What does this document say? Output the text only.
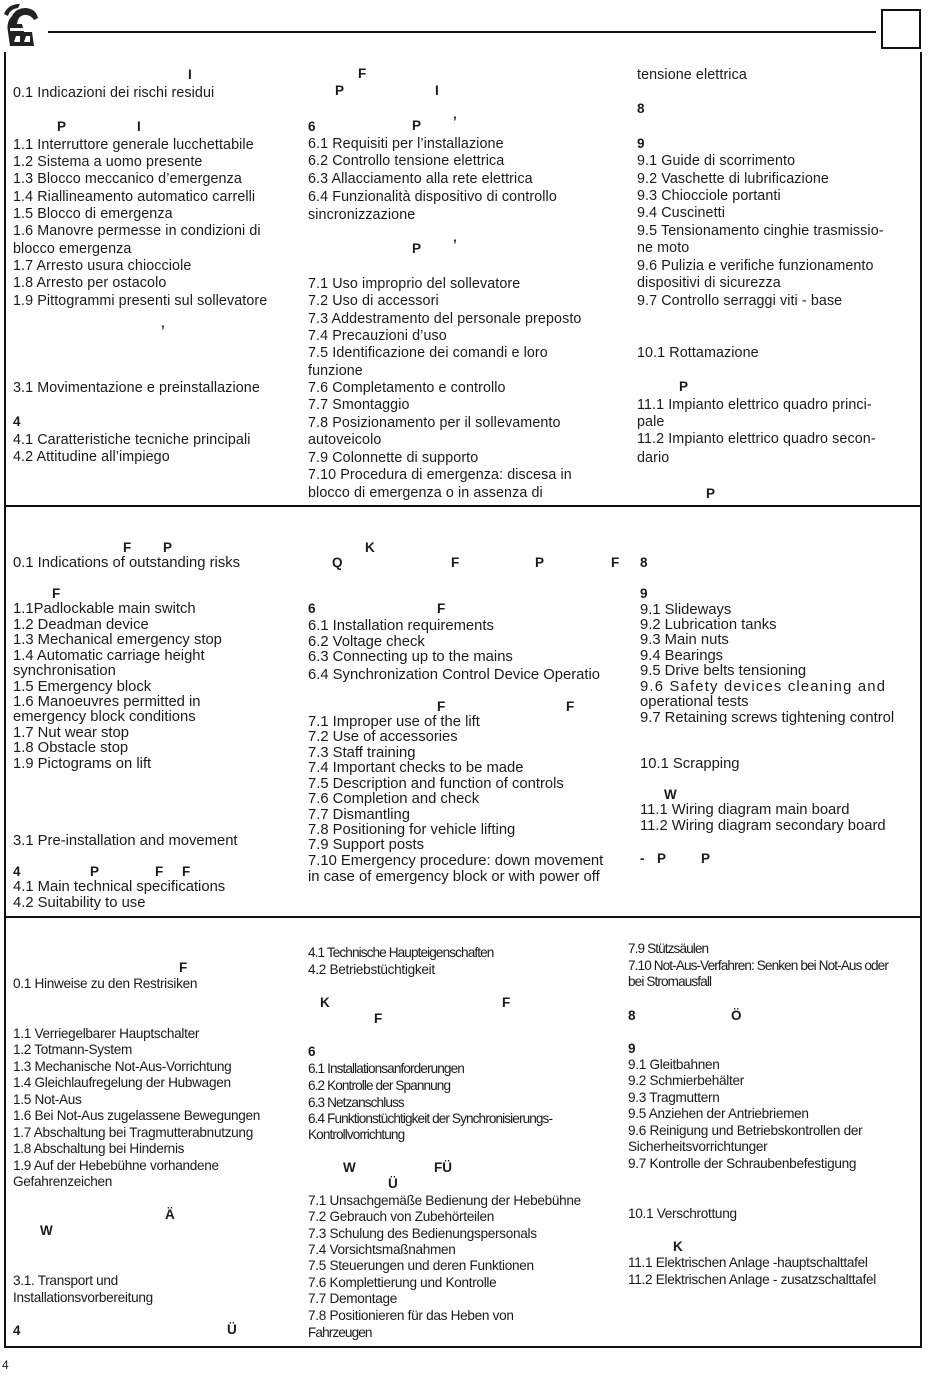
I
0.1 Indicazioni dei rischi residui
P	I
1.1 Interruttore generale lucchettabile
1.2 Sistema a uomo presente
1.3 Blocco meccanico d’emergenza
1.4 Riallineamento automatico carrelli
1.5 Blocco di emergenza
1.6 Manovre permesse in condizioni di
blocco emergenza
1.7 Arresto usura chiocciole
1.8 Arresto per ostacolo
1.9 Pittogrammi presenti sul sollevatore
’
3.1 Movimentazione e preinstallazione
4
4.1 Caratteristiche tecniche principali
4.2 Attitudine all’impiego
F
P	I
6	P ’
6.1 Requisiti per l’installazione
6.2 Controllo tensione elettrica
6.3 Allacciamento alla rete elettrica
6.4 Funzionalità dispositivo di controllo
sincronizzazione
P ’
7.1 Uso improprio del sollevatore
7.2 Uso di accessori
7.3 Addestramento del personale preposto
7.4 Precauzioni d’uso
7.5 Identificazione dei comandi e loro
funzione
7.6 Completamento e controllo
7.7 Smontaggio
7.8 Posizionamento per il sollevamento
autoveicolo
7.9 Colonnette di supporto
7.10 Procedura di emergenza: discesa in
blocco di emergenza o in assenza di
tensione elettrica
8
9
9.1 Guide di scorrimento
9.2 Vaschette di lubrificazione
9.3 Chiocciole portanti
9.4 Cuscinetti
9.5 Tensionamento cinghie trasmissio-
ne moto
9.6 Pulizia e verifiche funzionamento
dispositivi di sicurezza
9.7 Controllo serraggi viti - base
10.1 Rottamazione
P
11.1 Impianto elettrico quadro princi-
pale
11.2 Impianto elettrico quadro secon-
dario
P
F P
0.1 Indications of outstanding risks
F
1.1Padlockable main switch
1.2 Deadman device
1.3 Mechanical emergency stop
1.4 Automatic carriage height
synchronisation
1.5 Emergency block
1.6 Manoeuvres permitted in
emergency block conditions
1.7 Nut wear stop
1.8 Obstacle stop
1.9 Pictograms on lift
3.1 Pre-installation and movement
4	P	F F
4.1 Main technical specifications
4.2 Suitability to use
K
Q	F	P	F
6	F
6.1 Installation requirements
6.2 Voltage check
6.3 Connecting up to the mains
6.4 Synchronization Control Device Operatio
F	F
7.1 Improper use of the lift
7.2 Use of accessories
7.3 Staff training
7.4 Important checks to be made
7.5 Description and function of controls
7.6 Completion and check
7.7 Dismantling
7.8 Positioning for vehicle lifting
7.9 Support posts
7.10 Emergency procedure: down movement
in case of emergency block or with power off
8
9
9.1 Slideways
9.2 Lubrication tanks
9.3 Main nuts
9.4 Bearings
9.5 Drive belts tensioning
9.6 Safety devices cleaning and
operational tests
9.7 Retaining screws tightening control
10.1 Scrapping
W
11.1 Wiring diagram main board
11.2 Wiring diagram secondary board
- P	P
F
0.1 Hinweise zu den Restrisiken
1.1 Verriegelbarer Hauptschalter
1.2 Totmann-System
1.3 Mechanische Not-Aus-Vorrichtung
1.4 Gleichlaufregelung der Hubwagen
1.5 Not-Aus
1.6 Bei Not-Aus zugelassene Bewegungen
1.7 Abschaltung bei Tragmutterabnutzung
1.8 Abschaltung bei Hindernis
1.9 Auf der Hebebühne vorhandene
Gefahrenzeichen
Ä
W
3.1. Transport und
Installationsvorbereitung
4	Ü
4.1 Technische Haupteigenschaften
4.2 Betriebstüchtigkeit
K	F
F
6
6.1 Installationsanforderungen
6.2 Kontrolle der Spannung
6.3 Netzanschluss
6.4 Funktionstüchtigkeit der Synchronisierungs-
Kontrollvorrichtung
W	FÜ
Ü
7.1 Unsachgemäße Bedienung der Hebebühne
7.2 Gebrauch von Zubehörteilen
7.3 Schulung des Bedienungspersonals
7.4 Vorsichtsmaßnahmen
7.5 Steuerungen und deren Funktionen
7.6 Komplettierung und Kontrolle
7.7 Demontage
7.8 Positionieren für das Heben von
Fahrzeugen
7.9 Stützsäulen
7.10 Not-Aus-Verfahren: Senken bei Not-Aus oder
bei Stromausfall
8	Ö
9
9.1 Gleitbahnen
9.2 Schmierbehälter
9.3 Tragmuttern
9.5 Anziehen der Antriebriemen
9.6 Reinigung und Betriebskontrollen der
Sicherheitsvorrichtunger
9.7 Kontrolle der Schraubenbefestigung
10.1 Verschrottung
K
11.1 Elektrischen Anlage -hauptschalttafel
11.2 Elektrischen Anlage - zusatzschalttafel
4
